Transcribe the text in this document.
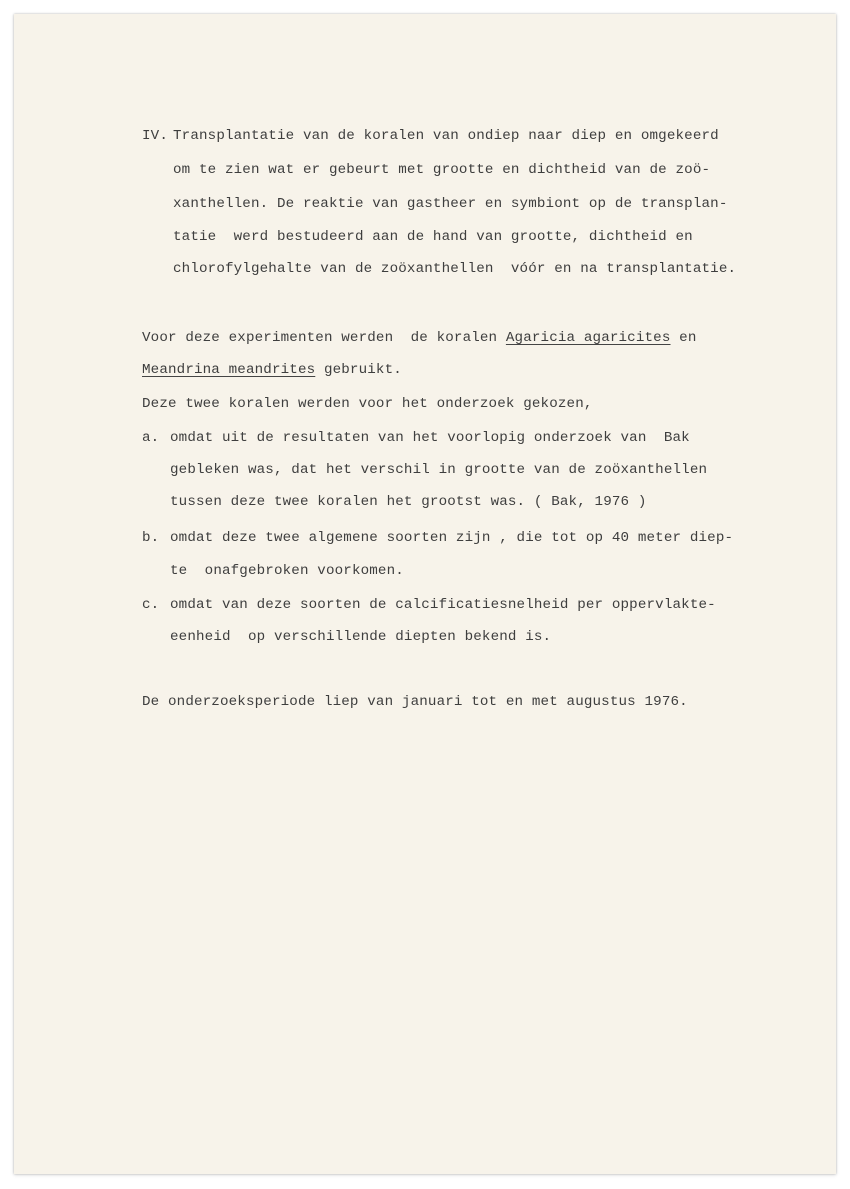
IV. Transplantatie van de koralen van ondiep naar diep en omgekeerd
om te zien wat er gebeurt met grootte en dichtheid van de zoö-
xanthellen. De reaktie van gastheer en symbiont op de transplan-
tatie  werd bestudeerd aan de hand van grootte, dichtheid en
chlorofylgehalte van de zoöxanthellen  vóór en na transplantatie.
Voor deze experimenten werden  de koralen Agaricia agaricites en
Meandrina meandrites gebruikt.
Deze twee koralen werden voor het onderzoek gekozen,
a. omdat uit de resultaten van het voorlopig onderzoek van  Bak
gebleken was, dat het verschil in grootte van de zoöxanthellen
tussen deze twee koralen het grootst was. ( Bak, 1976 )
b. omdat deze twee algemene soorten zijn , die tot op 40 meter diep-
te  onafgebroken voorkomen.
c. omdat van deze soorten de calcificatiesnelheid per oppervlakte-
eenheid  op verschillende diepten bekend is.
De onderzoeksperiode liep van januari tot en met augustus 1976.
